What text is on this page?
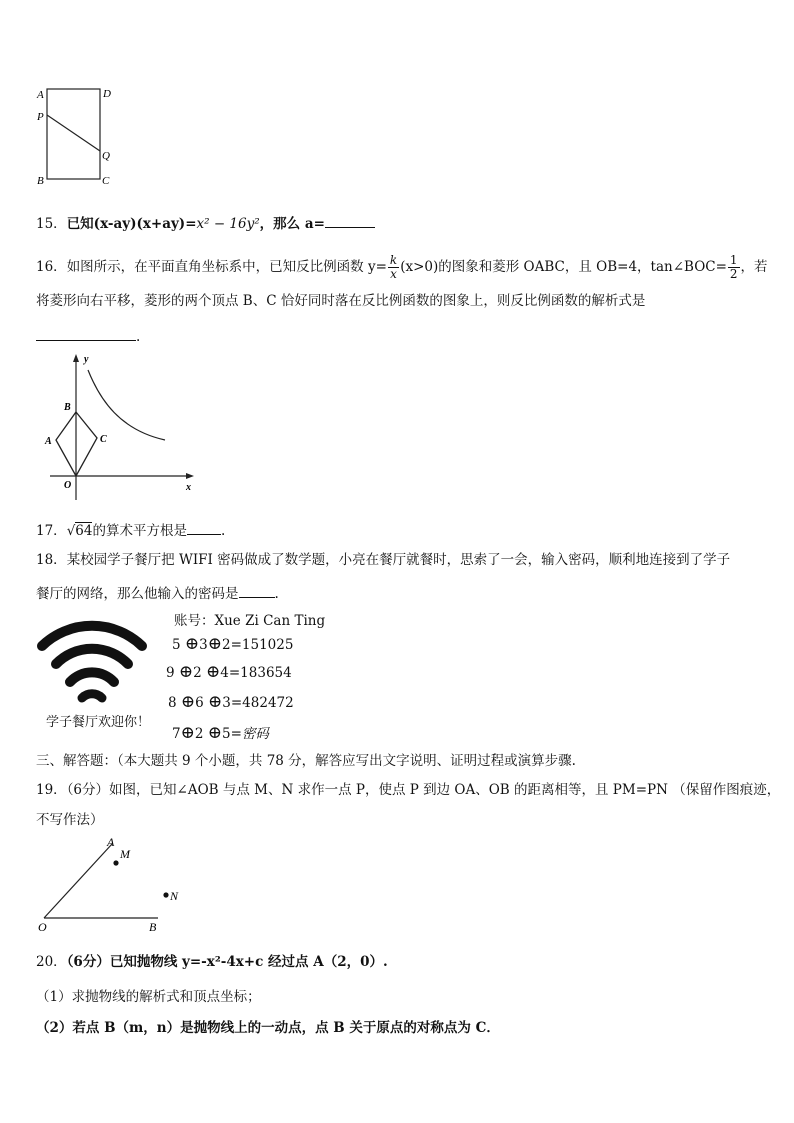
A	D
P
Q
B	C
15．已知(x-ay)(x+ay)=x² − 16y²，那么 a=
16．如图所示，在平面直角坐标系中，已知反比例函数 $y= \frac{k}{x} (x>0)$的图象和菱形 OABC，且 OB=4，tan∠BOC= $\frac{1}{2}$ ，若
将菱形向右平移，菱形的两个顶点 B、C 恰好同时落在反比例函数的图象上，则反比例函数的解析式是
.
y
B
A	C
O	x
17．√64的算术平方根是	.
18．某校园学子餐厅把 WIFI 密码做成了数学题，小亮在餐厅就餐时，思索了一会，输入密码，顺利地连接到了学子
餐厅的网络，那么他输入的密码是	.
学子餐厅欢迎你！
账号：Xue Zi Can Ting
5 ⊕3⊕2=151025
9 ⊕2 ⊕4=183654
8 ⊕6 ⊕3=482472
7⊕2 ⊕5=密码
三、解答题：（本大题共 9 个小题，共 78 分，解答应写出文字说明、证明过程或演算步骤.
19．（6分）如图，已知∠AOB 与点 M、N 求作一点 P，使点 P 到边 OA、OB 的距离相等，且 PM=PN （保留作图痕迹，
不写作法）
A
M
N
O	B
20．（6分）已知抛物线 y=-x²-4x+c 经过点 A（2，0）.
（1）求抛物线的解析式和顶点坐标；
（2）若点 B（m，n）是抛物线上的一动点，点 B 关于原点的对称点为 C．
